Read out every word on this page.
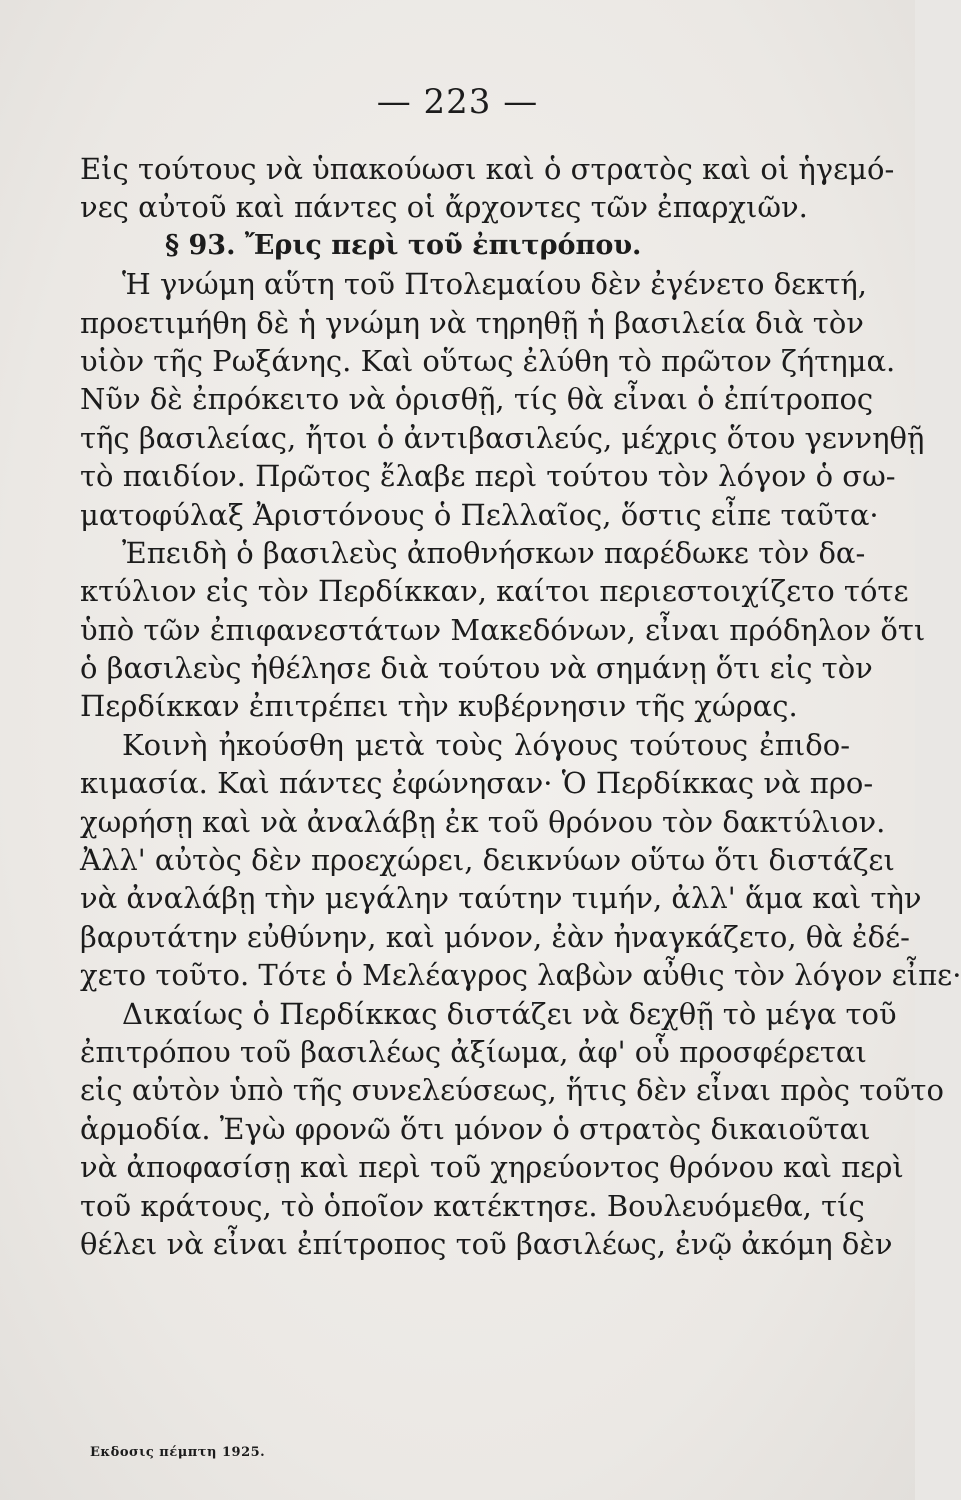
— 223 —
Εἰς τούτους νὰ ὑπακούωσι καὶ ὁ στρατὸς καὶ οἱ ἡγεμό-
νες αὐτοῦ καὶ πάντες οἱ ἄρχοντες τῶν ἐπαρχιῶν.
§ 93. Ἔρις περὶ τοῦ ἐπιτρόπου.
Ἡ γνώμη αὕτη τοῦ Πτολεμαίου δὲν ἐγένετο δεκτή,
προετιμήθη δὲ ἡ γνώμη νὰ τηρηθῇ ἡ βασιλεία διὰ τὸν
υἱὸν τῆς Ρωξάνης. Καὶ οὕτως ἐλύθη τὸ πρῶτον ζήτημα.
Νῦν δὲ ἐπρόκειτο νὰ ὁρισθῇ, τίς θὰ εἶναι ὁ ἐπίτροπος
τῆς βασιλείας, ἤτοι ὁ ἀντιβασιλεύς, μέχρις ὅτου γεννηθῇ
τὸ παιδίον. Πρῶτος ἔλαβε περὶ τούτου τὸν λόγον ὁ σω-
ματοφύλαξ Ἀριστόνους ὁ Πελλαῖος, ὅστις εἶπε ταῦτα·
Ἐπειδὴ ὁ βασιλεὺς ἀποθνήσκων παρέδωκε τὸν δα-
κτύλιον εἰς τὸν Περδίκκαν, καίτοι περιεστοιχίζετο τότε
ὑπὸ τῶν ἐπιφανεστάτων Μακεδόνων, εἶναι πρόδηλον ὅτι
ὁ βασιλεὺς ἠθέλησε διὰ τούτου νὰ σημάνῃ ὅτι εἰς τὸν
Περδίκκαν ἐπιτρέπει τὴν κυβέρνησιν τῆς χώρας.
Κοινὴ ἠκούσθη μετὰ τοὺς λόγους τούτους ἐπιδο-
κιμασία. Καὶ πάντες ἐφώνησαν· Ὁ Περδίκκας νὰ προ-
χωρήσῃ καὶ νὰ ἀναλάβῃ ἐκ τοῦ θρόνου τὸν δακτύλιον.
Ἀλλ' αὐτὸς δὲν προεχώρει, δεικνύων οὕτω ὅτι διστάζει
νὰ ἀναλάβῃ τὴν μεγάλην ταύτην τιμήν, ἀλλ' ἅμα καὶ τὴν
βαρυτάτην εὐθύνην, καὶ μόνον, ἐὰν ἠναγκάζετο, θὰ ἐδέ-
χετο τοῦτο. Τότε ὁ Μελέαγρος λαβὼν αὖθις τὸν λόγον εἶπε·
Δικαίως ὁ Περδίκκας διστάζει νὰ δεχθῇ τὸ μέγα τοῦ
ἐπιτρόπου τοῦ βασιλέως ἀξίωμα, ἀφ' οὗ προσφέρεται
εἰς αὐτὸν ὑπὸ τῆς συνελεύσεως, ἥτις δὲν εἶναι πρὸς τοῦτο
ἁρμοδία. Ἐγὼ φρονῶ ὅτι μόνον ὁ στρατὸς δικαιοῦται
νὰ ἀποφασίσῃ καὶ περὶ τοῦ χηρεύοντος θρόνου καὶ περὶ
τοῦ κράτους, τὸ ὁποῖον κατέκτησε. Βουλευόμεθα, τίς
θέλει νὰ εἶναι ἐπίτροπος τοῦ βασιλέως, ἐνῷ ἀκόμη δὲν
Εκδοσις πέμπτη 1925.
